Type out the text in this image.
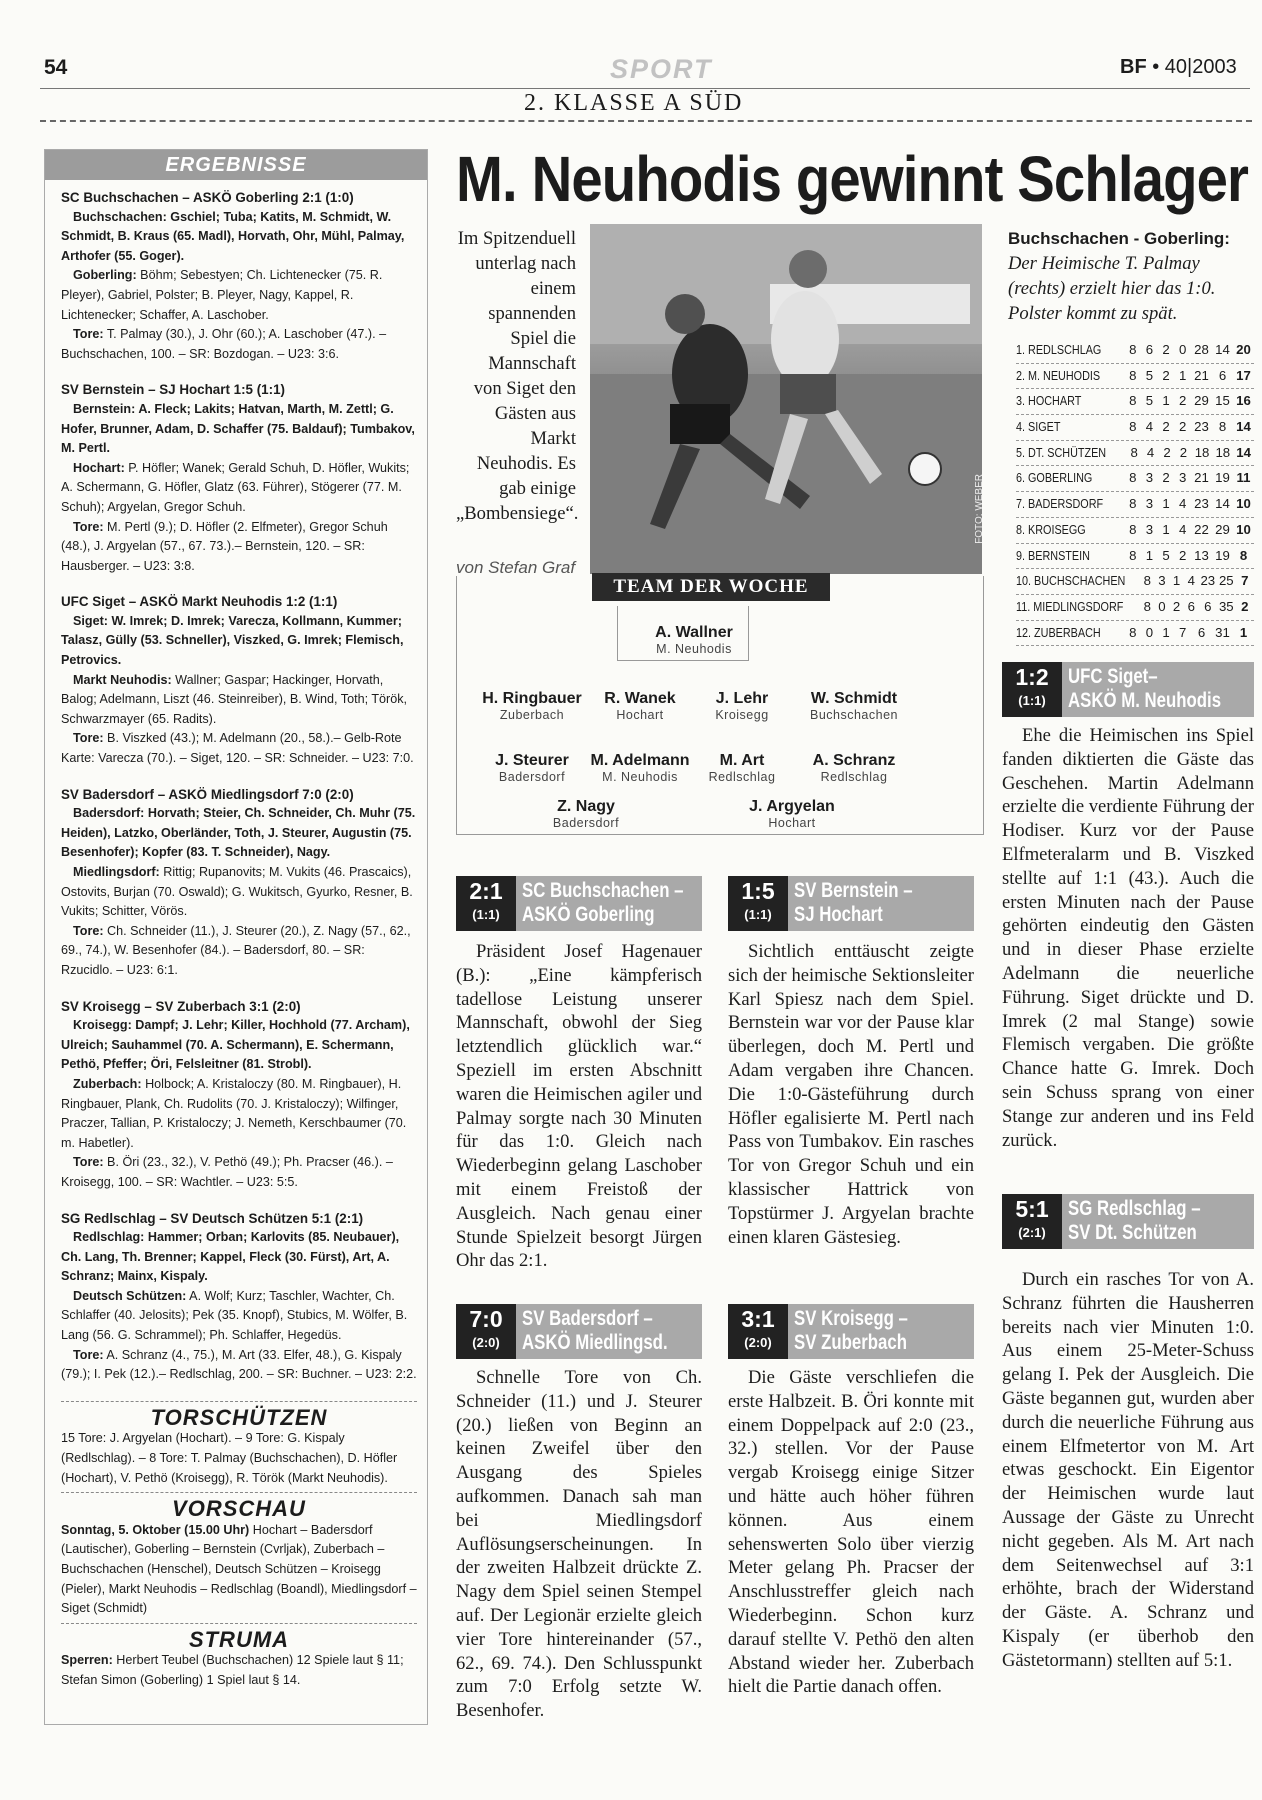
54	SPORT	BF • 40|2003
2. KLASSE A SÜD
ERGEBNISSE
SC Buchschachen – ASKÖ Goberling 2:1 (1:0)
Buchschachen: Gschiel; Tuba; Katits, M. Schmidt, W. Schmidt, B. Kraus (65. Madl), Horvath, Ohr, Mühl, Palmay, Arthofer (55. Goger).
Goberling: Böhm; Sebestyen; Ch. Lichtenecker (75. R. Pleyer), Gabriel, Polster; B. Pleyer, Nagy, Kappel, R. Lichtenecker; Schaffer, A. Laschober.
Tore: T. Palmay (30.), J. Ohr (60.); A. Laschober (47.). – Buchschachen, 100. – SR: Bozdogan. – U23: 3:6.
SV Bernstein – SJ Hochart 1:5 (1:1)
Bernstein: A. Fleck; Lakits; Hatvan, Marth, M. Zettl; G. Hofer, Brunner, Adam, D. Schaffer (75. Baldauf); Tumbakov, M. Pertl.
Hochart: P. Höfler; Wanek; Gerald Schuh, D. Höfler, Wukits; A. Schermann, G. Höfler, Glatz (63. Führer), Stögerer (77. M. Schuh); Argyelan, Gregor Schuh.
Tore: M. Pertl (9.); D. Höfler (2. Elfmeter), Gregor Schuh (48.), J. Argyelan (57., 67. 73.).– Bernstein, 120. – SR: Hausberger. – U23: 3:8.
UFC Siget – ASKÖ Markt Neuhodis 1:2 (1:1)
Siget: W. Imrek; D. Imrek; Varecza, Kollmann, Kummer; Talasz, Gülly (53. Schneller), Viszked, G. Imrek; Flemisch, Petrovics.
Markt Neuhodis: Wallner; Gaspar; Hackinger, Horvath, Balog; Adelmann, Liszt (46. Steinreiber), B. Wind, Toth; Török, Schwarzmayer (65. Radits).
Tore: B. Viszked (43.); M. Adelmann (20., 58.).– Gelb-Rote Karte: Varecza (70.). – Siget, 120. – SR: Schneider. – U23: 7:0.
SV Badersdorf – ASKÖ Miedlingsdorf 7:0 (2:0)
Badersdorf: Horvath; Steier, Ch. Schneider, Ch. Muhr (75. Heiden), Latzko, Oberländer, Toth, J. Steurer, Augustin (75. Besenhofer); Kopfer (83. T. Schneider), Nagy.
Miedlingsdorf: Rittig; Rupanovits; M. Vukits (46. Prascaics), Ostovits, Burjan (70. Oswald); G. Wukitsch, Gyurko, Resner, B. Vukits; Schitter, Vörös.
Tore: Ch. Schneider (11.), J. Steurer (20.), Z. Nagy (57., 62., 69., 74.), W. Besenhofer (84.). – Badersdorf, 80. – SR: Rzucidlo. – U23: 6:1.
SV Kroisegg – SV Zuberbach 3:1 (2:0)
Kroisegg: Dampf; J. Lehr; Killer, Hochhold (77. Archam), Ulreich; Sauhammel (70. A. Schermann), E. Schermann, Pethö, Pfeffer; Öri, Felsleitner (81. Strobl).
Zuberbach: Holbock; A. Kristaloczy (80. M. Ringbauer), H. Ringbauer, Plank, Ch. Rudolits (70. J. Kristaloczy); Wilfinger, Praczer, Tallian, P. Kristaloczy; J. Nemeth, Kerschbaumer (70. m. Habetler).
Tore: B. Öri (23., 32.), V. Pethö (49.); Ph. Pracser (46.). – Kroisegg, 100. – SR: Wachtler. – U23: 5:5.
SG Redlschlag – SV Deutsch Schützen 5:1 (2:1)
Redlschlag: Hammer; Orban; Karlovits (85. Neubauer), Ch. Lang, Th. Brenner; Kappel, Fleck (30. Fürst), Art, A. Schranz; Mainx, Kispaly.
Deutsch Schützen: A. Wolf; Kurz; Taschler, Wachter, Ch. Schlaffer (40. Jelosits); Pek (35. Knopf), Stubics, M. Wölfer, B. Lang (56. G. Schrammel); Ph. Schlaffer, Hegedüs.
Tore: A. Schranz (4., 75.), M. Art (33. Elfer, 48.), G. Kispaly (79.); I. Pek (12.).– Redlschlag, 200. – SR: Buchner. – U23: 2:2.
TORSCHÜTZEN
15 Tore: J. Argyelan (Hochart). – 9 Tore: G. Kispaly (Redlschlag). – 8 Tore: T. Palmay (Buchschachen), D. Höfler (Hochart), V. Pethö (Kroisegg), R. Török (Markt Neuhodis).
VORSCHAU
Sonntag, 5. Oktober (15.00 Uhr) Hochart – Badersdorf (Lautischer), Goberling – Bernstein (Cvrljak), Zuberbach – Buchschachen (Henschel), Deutsch Schützen – Kroisegg (Pieler), Markt Neuhodis – Redlschlag (Boandl), Miedlingsdorf – Siget (Schmidt)
STRUMA
Sperren: Herbert Teubel (Buchschachen) 12 Spiele laut § 11; Stefan Simon (Goberling) 1 Spiel laut § 14.
M. Neuhodis gewinnt Schlager
Im Spitzenduell unterlag nach einem spannenden Spiel die Mannschaft von Siget den Gästen aus Markt Neuhodis. Es gab einige „Bombensiege“.
von Stefan Graf
FOTO: WEBER
Buchschachen - Goberling:
Der Heimische T. Palmay (rechts) erzielt hier das 1:0. Polster kommt zu spät.
1. REDLSCHLAG	8 6 2 0 28 14 20
2. M. NEUHODIS	8 5 2 1 21 6 17
3. HOCHART	8 5 1 2 29 15 16
4. SIGET	8 4 2 2 23 8 14
5. DT. SCHÜTZEN	8 4 2 2 18 18 14
6. GOBERLING	8 3 2 3 21 19 11
7. BADERSDORF	8 3 1 4 23 14 10
8. KROISEGG	8 3 1 4 22 29 10
9. BERNSTEIN	8 1 5 2 13 19 8
10. BUCHSCHACHEN 8 3 1 4 23 25 7
11. MIEDLINGSDORF 8 0 2 6 6 35 2
12. ZUBERBACH	8 0 1 7 6 31 1
A. Wallner
M. Neuhodis
H. Ringbauer
Zuberbach
R. Wanek
Hochart
J. Lehr
Kroisegg
W. Schmidt
Buchschachen
J. Steurer
Badersdorf
M. Adelmann
M. Neuhodis
M. Art
Redlschlag
A. Schranz
Redlschlag
Z. Nagy
Badersdorf
J. Argyelan
Hochart
TEAM DER WOCHE
2:1
(1:1)
SC Buchschachen –
ASKÖ Goberling
Präsident Josef Hagenauer (B.): „Eine kämpferisch tadellose Leistung unserer Mannschaft, obwohl der Sieg letztendlich glücklich war.“ Speziell im ersten Abschnitt waren die Heimischen agiler und Palmay sorgte nach 30 Minuten für das 1:0. Gleich nach Wiederbeginn gelang Laschober mit einem Freistoß der Ausgleich. Nach genau einer Stunde Spielzeit besorgt Jürgen Ohr das 2:1.
1:5
(1:1)
SV Bernstein –
SJ Hochart
Sichtlich enttäuscht zeigte sich der heimische Sektionsleiter Karl Spiesz nach dem Spiel. Bernstein war vor der Pause klar überlegen, doch M. Pertl und Adam vergaben ihre Chancen. Die 1:0-Gästeführung durch Höfler egalisierte M. Pertl nach Pass von Tumbakov. Ein rasches Tor von Gregor Schuh und ein klassischer Hattrick von Topstürmer J. Argyelan brachte einen klaren Gästesieg.
1:2
(1:1)
UFC Siget–
ASKÖ M. Neuhodis
Ehe die Heimischen ins Spiel fanden diktierten die Gäste das Geschehen. Martin Adelmann erzielte die verdiente Führung der Hodiser. Kurz vor der Pause Elfmeteralarm und B. Viszked stellte auf 1:1 (43.). Auch die ersten Minuten nach der Pause gehörten eindeutig den Gästen und in dieser Phase erzielte Adelmann die neuerliche Führung. Siget drückte und D. Imrek (2 mal Stange) sowie Flemisch vergaben. Die größte Chance hatte G. Imrek. Doch sein Schuss sprang von einer Stange zur anderen und ins Feld zurück.
7:0
(2:0)
SV Badersdorf –
ASKÖ Miedlingsd.
Schnelle Tore von Ch. Schneider (11.) und J. Steurer (20.) ließen von Beginn an keinen Zweifel über den Ausgang des Spieles aufkommen. Danach sah man bei Miedlingsdorf Auflösungserscheinungen. In der zweiten Halbzeit drückte Z. Nagy dem Spiel seinen Stempel auf. Der Legionär erzielte gleich vier Tore hintereinander (57., 62., 69. 74.). Den Schlusspunkt zum 7:0 Erfolg setzte W. Besenhofer.
3:1
(2:0)
SV Kroisegg –
SV Zuberbach
Die Gäste verschliefen die erste Halbzeit. B. Öri konnte mit einem Doppelpack auf 2:0 (23., 32.) stellen. Vor der Pause vergab Kroisegg einige Sitzer und hätte auch höher führen können. Aus einem sehenswerten Solo über vierzig Meter gelang Ph. Pracser der Anschlusstreffer gleich nach Wiederbeginn. Schon kurz darauf stellte V. Pethö den alten Abstand wieder her. Zuberbach hielt die Partie danach offen.
5:1
(2:1)
SG Redlschlag –
SV Dt. Schützen
Durch ein rasches Tor von A. Schranz führten die Hausherren bereits nach vier Minuten 1:0. Aus einem 25-Meter-Schuss gelang I. Pek der Ausgleich. Die Gäste begannen gut, wurden aber durch die neuerliche Führung aus einem Elfmetertor von M. Art etwas geschockt. Ein Eigentor der Heimischen wurde laut Aussage der Gäste zu Unrecht nicht gegeben. Als M. Art nach dem Seitenwechsel auf 3:1 erhöhte, brach der Widerstand der Gäste. A. Schranz und Kispaly (er überhob den Gästetormann) stellten auf 5:1.
